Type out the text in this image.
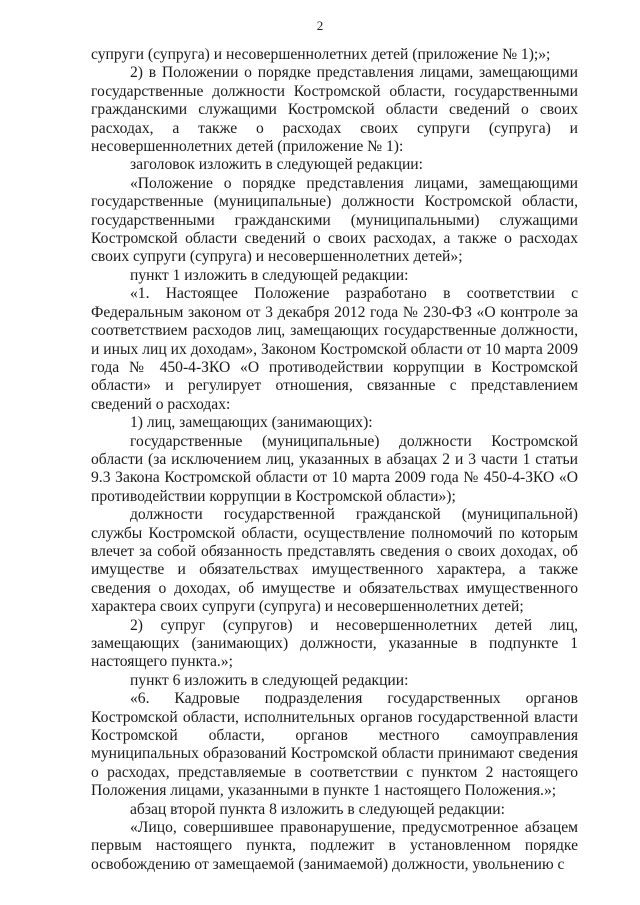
2

супруги (супруга) и несовершеннолетних детей (приложение № 1);»;

2) в Положении о порядке представления лицами, замещающими государственные должности Костромской области, государственными гражданскими служащими Костромской области сведений о своих расходах, а также о расходах своих супруги (супруга) и несовершеннолетних детей (приложение № 1):

заголовок изложить в следующей редакции:

«Положение о порядке представления лицами, замещающими государственные (муниципальные) должности Костромской области, государственными гражданскими (муниципальными) служащими Костромской области сведений о своих расходах, а также о расходах своих супруги (супруга) и несовершеннолетних детей»;

пункт 1 изложить в следующей редакции:

«1. Настоящее Положение разработано в соответствии с Федеральным законом от 3 декабря 2012 года № 230-ФЗ «О контроле за соответствием расходов лиц, замещающих государственные должности, и иных лиц их доходам», Законом Костромской области от 10 марта 2009 года № 450-4-ЗКО «О противодействии коррупции в Костромской области» и регулирует отношения, связанные с представлением сведений о расходах:

1) лиц, замещающих (занимающих):

государственные (муниципальные) должности Костромской области (за исключением лиц, указанных в абзацах 2 и 3 части 1 статьи 9.3 Закона Костромской области от 10 марта 2009 года № 450-4-ЗКО «О противодействии коррупции в Костромской области»);

должности государственной гражданской (муниципальной) службы Костромской области, осуществление полномочий по которым влечет за собой обязанность представлять сведения о своих доходах, об имуществе и обязательствах имущественного характера, а также сведения о доходах, об имуществе и обязательствах имущественного характера своих супруги (супруга) и несовершеннолетних детей;

2) супруг (супругов) и несовершеннолетних детей лиц, замещающих (занимающих) должности, указанные в подпункте 1 настоящего пункта.»;

пункт 6 изложить в следующей редакции:

«6. Кадровые подразделения государственных органов Костромской области, исполнительных органов государственной власти Костромской области, органов местного самоуправления муниципальных образований Костромской области принимают сведения о расходах, представляемые в соответствии с пунктом 2 настоящего Положения лицами, указанными в пункте 1 настоящего Положения.»;

абзац второй пункта 8 изложить в следующей редакции:

«Лицо, совершившее правонарушение, предусмотренное абзацем первым настоящего пункта, подлежит в установленном порядке освобождению от замещаемой (занимаемой) должности, увольнению с
